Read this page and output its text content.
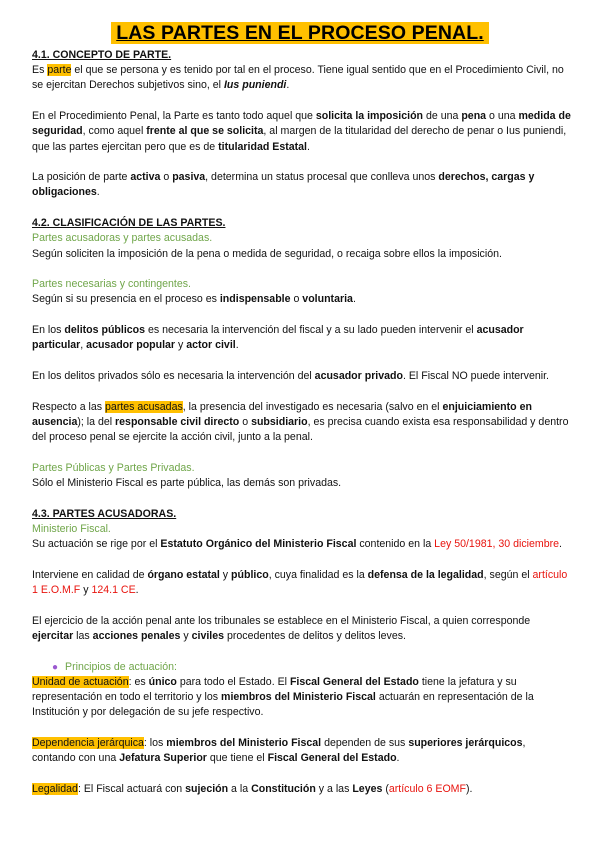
LAS PARTES EN EL PROCESO PENAL.

4.1. CONCEPTO DE PARTE.

Es parte el que se persona y es tenido por tal en el proceso. Tiene igual sentido que en el Procedimiento Civil, no se ejercitan Derechos subjetivos sino, el Ius puniendi.

En el Procedimiento Penal, la Parte es tanto todo aquel que solicita la imposición de una pena o una medida de seguridad, como aquel frente al que se solicita, al margen de la titularidad del derecho de penar o Ius puniendi, que las partes ejercitan pero que es de titularidad Estatal.

La posición de parte activa o pasiva, determina un status procesal que conlleva unos derechos, cargas y obligaciones.

4.2. CLASIFICACIÓN DE LAS PARTES.

Partes acusadoras y partes acusadas.

Según soliciten la imposición de la pena o medida de seguridad, o recaiga sobre ellos la imposición.

Partes necesarias y contingentes.

Según si su presencia en el proceso es indispensable o voluntaria.

En los delitos públicos es necesaria la intervención del fiscal y a su lado pueden intervenir el acusador particular, acusador popular y actor civil.

En los delitos privados sólo es necesaria la intervención del acusador privado. El Fiscal NO puede intervenir.

Respecto a las partes acusadas, la presencia del investigado es necesaria (salvo en el enjuiciamiento en ausencia); la del responsable civil directo o subsidiario, es precisa cuando exista esa responsabilidad y dentro del proceso penal se ejercite la acción civil, junto a la penal.

Partes Públicas y Partes Privadas.

Sólo el Ministerio Fiscal es parte pública, las demás son privadas.

4.3. PARTES ACUSADORAS.

Ministerio Fiscal.

Su actuación se rige por el Estatuto Orgánico del Ministerio Fiscal contenido en la Ley 50/1981, 30 diciembre.

Interviene en calidad de órgano estatal y público, cuya finalidad es la defensa de la legalidad, según el artículo 1 E.O.M.F y 124.1 CE.

El ejercicio de la acción penal ante los tribunales se establece en el Ministerio Fiscal, a quien corresponde ejercitar las acciones penales y civiles procedentes de delitos y delitos leves.

● Principios de actuación:

Unidad de actuación: es único para todo el Estado. El Fiscal General del Estado tiene la jefatura y su representación en todo el territorio y los miembros del Ministerio Fiscal actuarán en representación de la Institución y por delegación de su jefe respectivo.

Dependencia jerárquica: los miembros del Ministerio Fiscal dependen de sus superiores jerárquicos, contando con una Jefatura Superior que tiene el Fiscal General del Estado.

Legalidad: El Fiscal actuará con sujeción a la Constitución y a las Leyes (artículo 6 EOMF).
